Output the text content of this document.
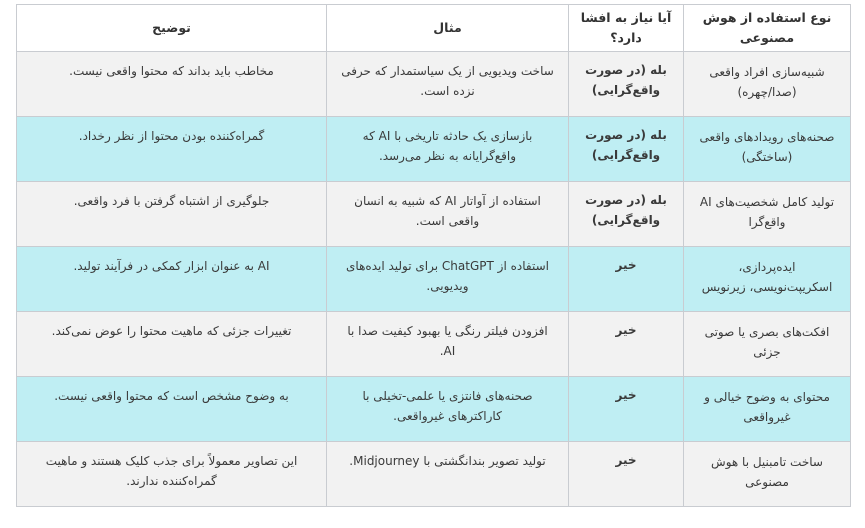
نوع استفاده از هوش مصنوعی	آیا نیاز به افشا دارد؟	مثال	توضیح
شبیه‌سازی افراد واقعی (صدا/چهره)	بله (در صورت واقع‌گرایی)	ساخت ویدیویی از یک سیاستمدار که حرفی نزده است.	مخاطب باید بداند که محتوا واقعی نیست.
صحنه‌های رویدادهای واقعی (ساختگی)	بله (در صورت واقع‌گرایی)	بازسازی یک حادثه تاریخی با AI که واقع‌گرایانه به نظر می‌رسد.	گمراه‌کننده بودن محتوا از نظر رخداد.
تولید کامل شخصیت‌های AI واقع‌گرا	بله (در صورت واقع‌گرایی)	استفاده از آواتار AI که شبیه به انسان واقعی است.	جلوگیری از اشتباه گرفتن با فرد واقعی.
ایده‌پردازی، اسکریپت‌نویسی، زیرنویس	خیر	استفاده از ChatGPT برای تولید ایده‌های ویدیویی.	AI به عنوان ابزار کمکی در فرآیند تولید.
افکت‌های بصری یا صوتی جزئی	خیر	افزودن فیلتر رنگی یا بهبود کیفیت صدا با AI.	تغییرات جزئی که ماهیت محتوا را عوض نمی‌کند.
محتوای به وضوح خیالی و غیرواقعی	خیر	صحنه‌های فانتزی یا علمی-تخیلی با کاراکترهای غیرواقعی.	به وضوح مشخص است که محتوا واقعی نیست.
ساخت تامبنیل با هوش مصنوعی	خیر	تولید تصویر بندانگشتی با Midjourney.	این تصاویر معمولاً برای جذب کلیک هستند و ماهیت گمراه‌کننده ندارند.
